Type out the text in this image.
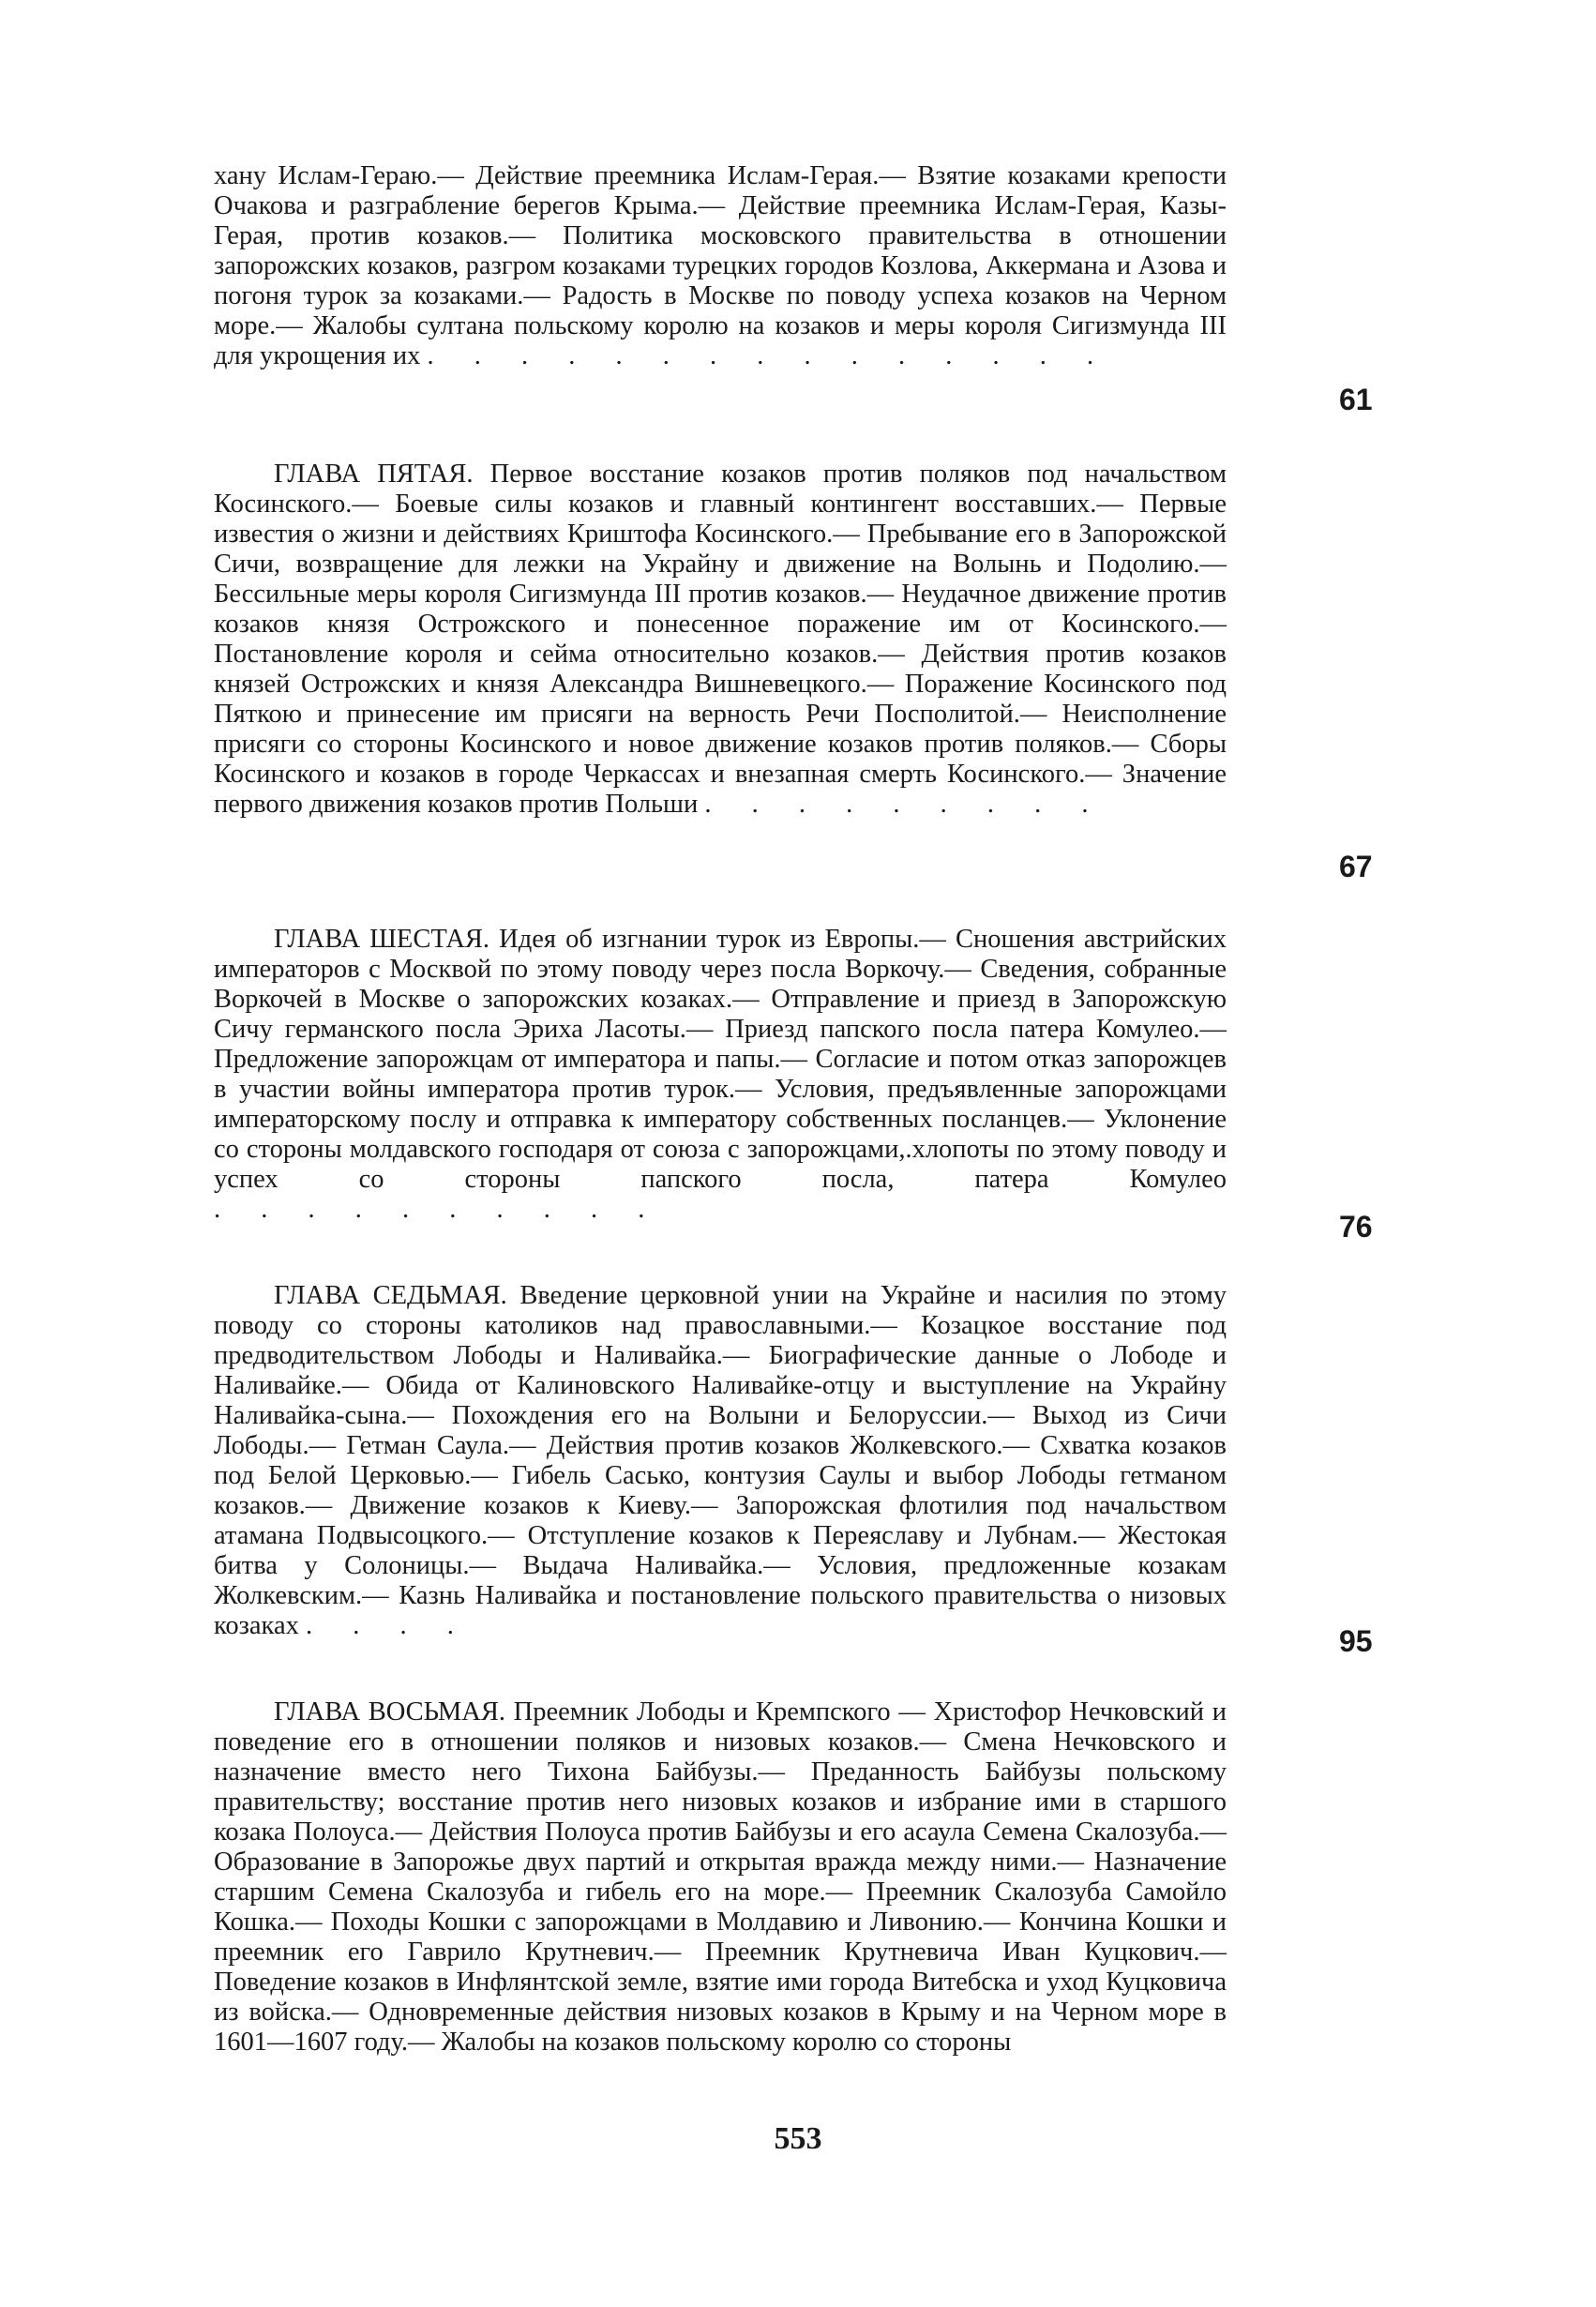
хану Ислам-Гераю.— Действие преемника Ислам-Герая.— Взятие козаками крепости Очакова и разграбление берегов Крыма.— Действие преемника Ислам-Герая, Казы-Герая, против козаков.— Политика московского правительства в отношении запорожских козаков, разгром козаками турецких городов Козлова, Аккермана и Азова и погоня турок за козаками.— Радость в Москве по поводу успеха козаков на Черном море.— Жалобы султана польскому королю на козаков и меры короля Сигизмунда III для укрощения их . . . . . . . . . . . . . . .

61

ГЛАВА ПЯТАЯ. Первое восстание козаков против поляков под начальством Косинского.— Боевые силы козаков и главный контингент восставших.— Первые известия о жизни и действиях Криштофа Косинского.— Пребывание его в Запорожской Сичи, возвращение для лежки на Украйну и движение на Волынь и Подолию.— Бессильные меры короля Сигизмунда III против козаков.— Неудачное движение против козаков князя Острожского и понесенное поражение им от Косинского.— Постановление короля и сейма относительно козаков.— Действия против козаков князей Острожских и князя Александра Вишневецкого.— Поражение Косинского под Пяткою и принесение им присяги на верность Речи Посполитой.— Неисполнение присяги со стороны Косинского и новое движение козаков против поляков.— Сборы Косинского и козаков в городе Черкассах и внезапная смерть Косинского.— Значение первого движения козаков против Польши . . . . . . . . .

67

ГЛАВА ШЕСТАЯ. Идея об изгнании турок из Европы.— Сношения австрийских императоров с Москвой по этому поводу через посла Воркочу.— Сведения, собранные Воркочей в Москве о запорожских козаках.— Отправление и приезд в Запорожскую Сичу германского посла Эриха Ласоты.— Приезд папского посла патера Комулео.— Предложение запорожцам от императора и папы.— Согласие и потом отказ запорожцев в участии войны императора против турок.— Условия, предъявленные запорожцами императорскому послу и отправка к императору собственных посланцев.— Уклонение со стороны молдавского господаря от союза с запорожцами,.хлопоты по этому поводу и успех со стороны папского посла, патера Комулео . . . . . . . . . .

76

ГЛАВА СЕДЬМАЯ. Введение церковной унии на Украйне и насилия по этому поводу со стороны католиков над православными.— Козацкое восстание под предводительством Лободы и Наливайка.— Биографические данные о Лободе и Наливайке.— Обида от Калиновского Наливайке-отцу и выступление на Украйну Наливайка-сына.— Похождения его на Волыни и Белоруссии.— Выход из Сичи Лободы.— Гетман Саула.— Действия против козаков Жолкевского.— Схватка козаков под Белой Церковью.— Гибель Сасько, контузия Саулы и выбор Лободы гетманом козаков.— Движение козаков к Киеву.— Запорожская флотилия под начальством атамана Подвысоцкого.— Отступление козаков к Переяславу и Лубнам.— Жестокая битва у Солоницы.— Выдача Наливайка.— Условия, предложенные козакам Жолкевским.— Казнь Наливайка и постановление польского правительства о низовых козаках . . . .	95

ГЛАВА ВОСЬМАЯ. Преемник Лободы и Кремпского — Христофор Нечковский и поведение его в отношении поляков и низовых козаков.— Смена Нечковского и назначение вместо него Тихона Байбузы.— Преданность Байбузы польскому правительству; восстание против него низовых козаков и избрание ими в старшого козака Полоуса.— Действия Полоуса против Байбузы и его асаула Семена Скалозуба.— Образование в Запорожье двух партий и открытая вражда между ними.— Назначение старшим Семена Скалозуба и гибель его на море.— Преемник Скалозуба Самойло Кошка.— Походы Кошки с запорожцами в Молдавию и Ливонию.— Кончина Кошки и преемник его Гаврило Крутневич.— Преемник Крутневича Иван Куцкович.— Поведение козаков в Инфлянтской земле, взятие ими города Витебска и уход Куцковича из войска.— Одновременные действия низовых козаков в Крыму и на Черном море в 1601—1607 году.— Жалобы на козаков польскому королю со стороны

553
